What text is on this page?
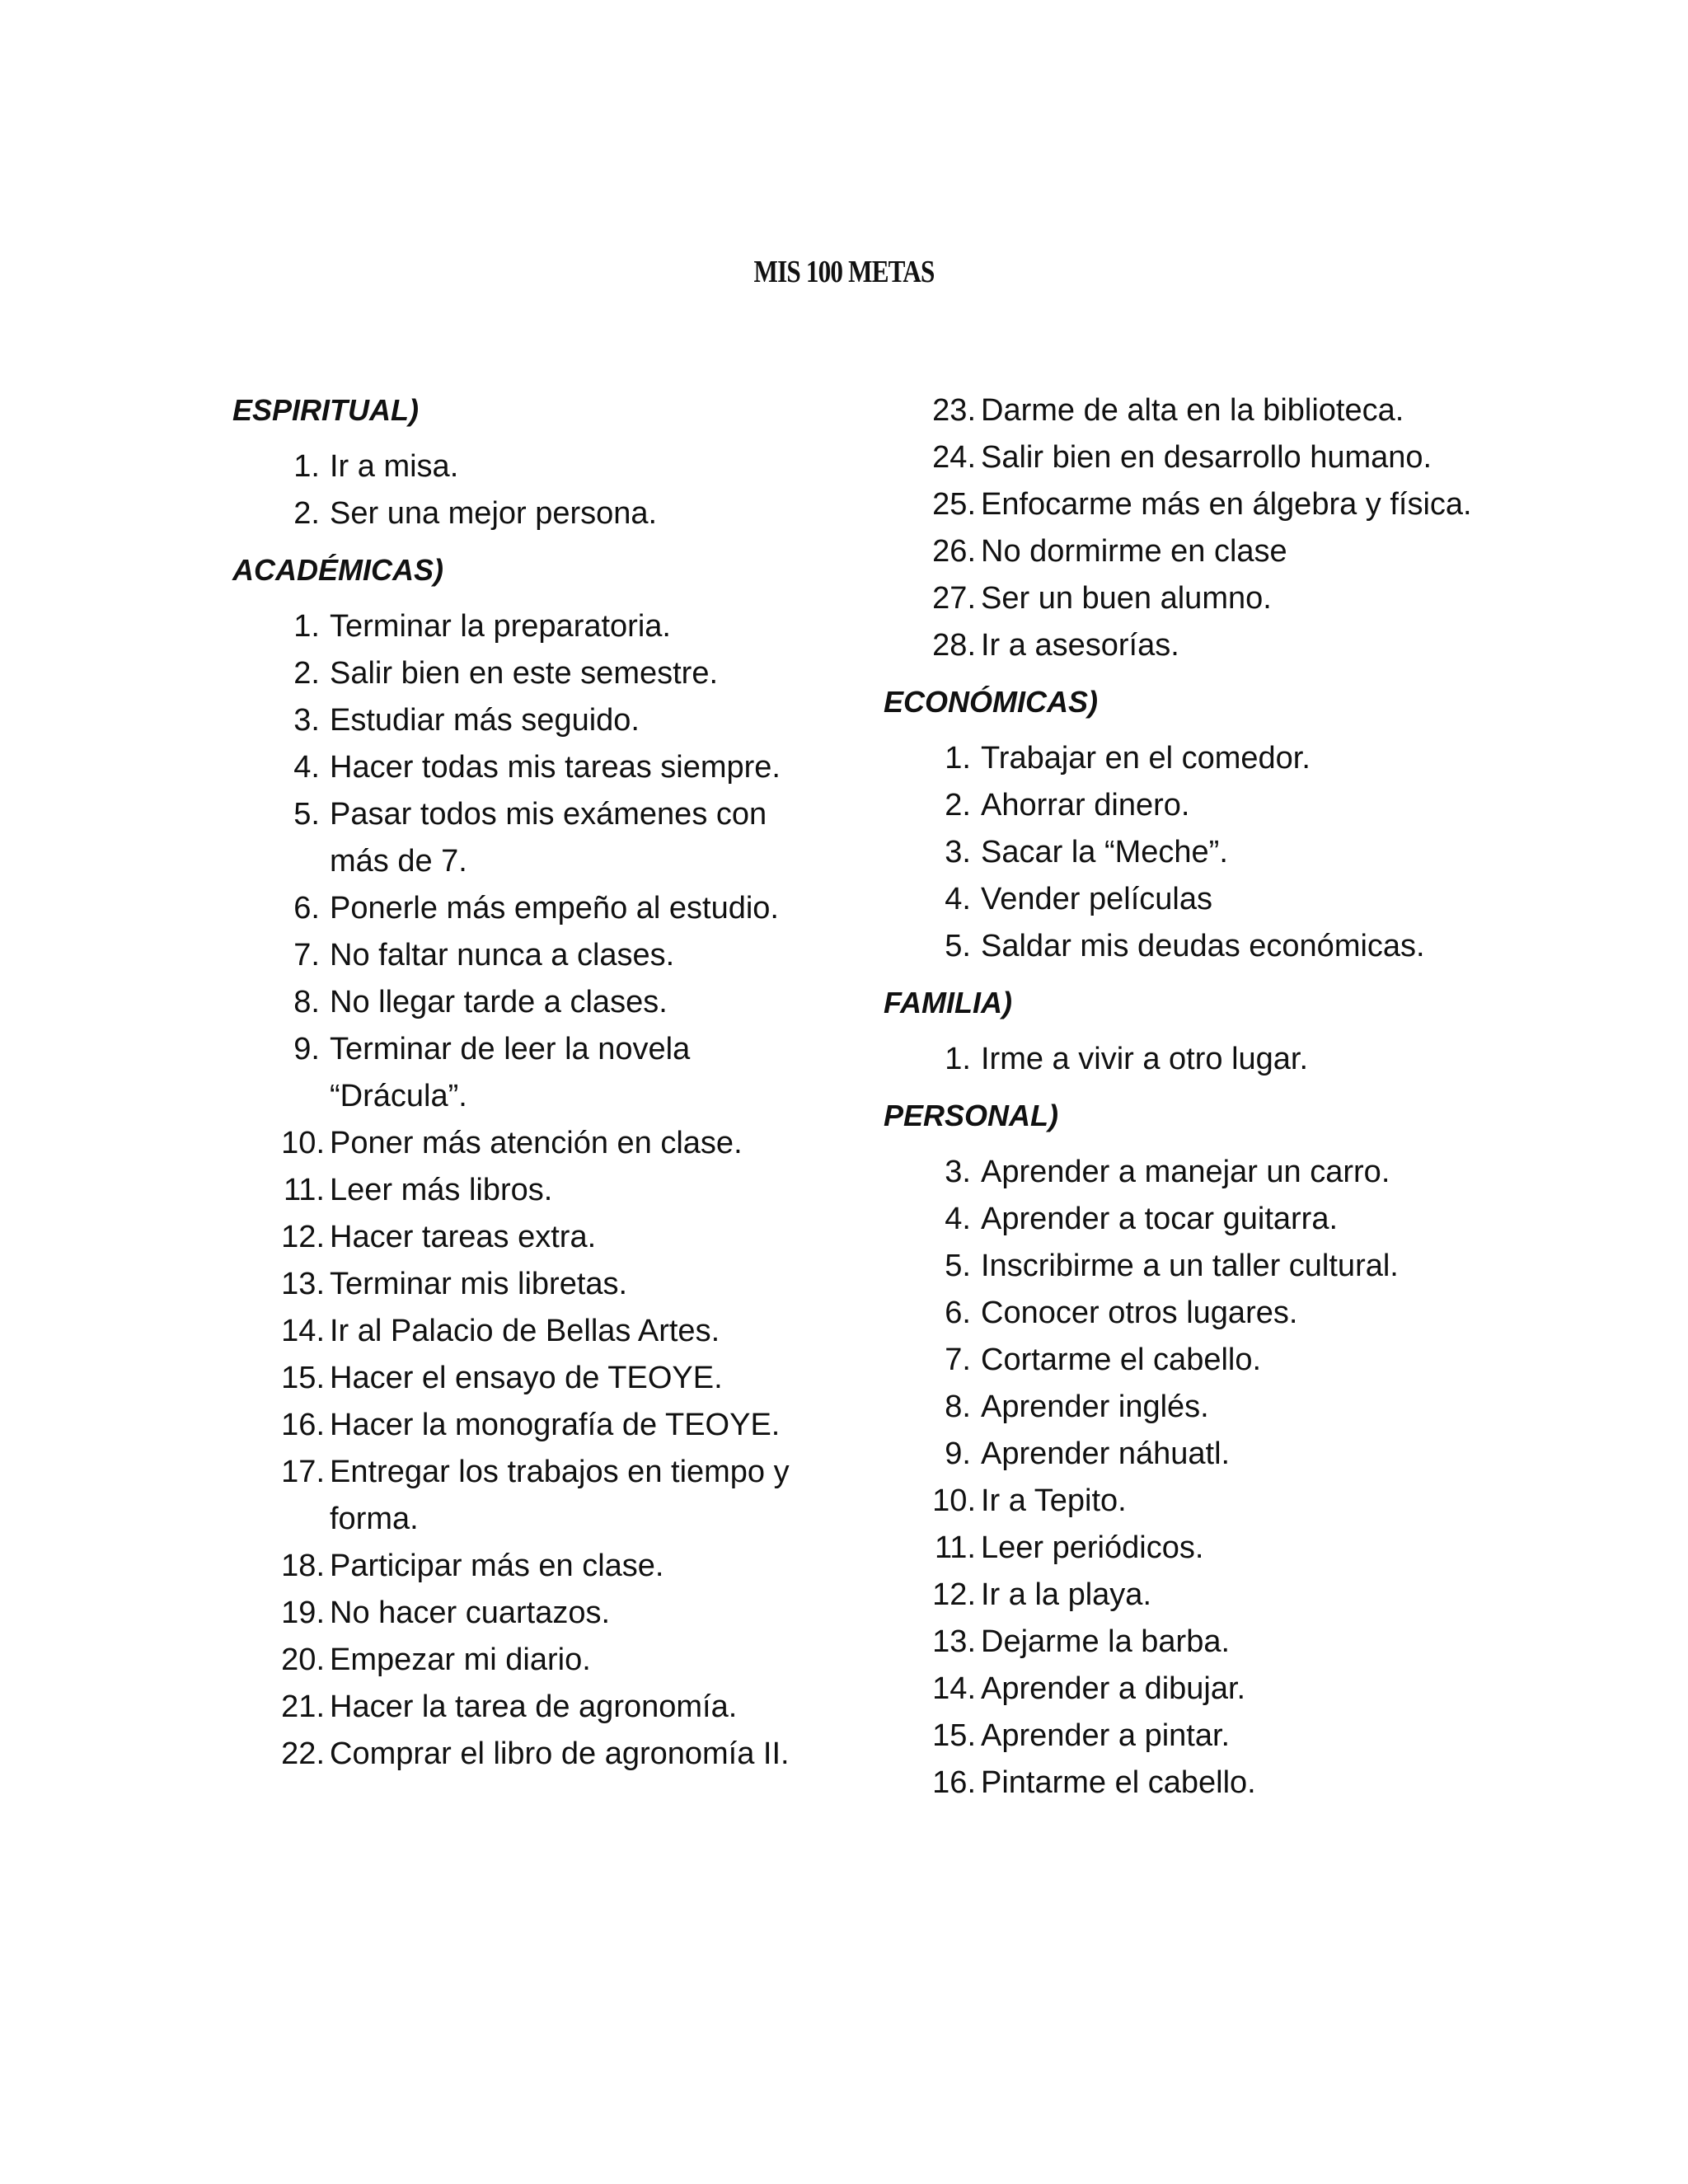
MIS 100 METAS

ESPIRITUAL)

1. Ir a misa.
2. Ser una mejor persona.

ACADÉMICAS)

1. Terminar la preparatoria.
2. Salir bien en este semestre.
3. Estudiar más seguido.
4. Hacer todas mis tareas siempre.
5. Pasar todos mis exámenes con más de 7.
6. Ponerle más empeño al estudio.
7. No faltar nunca a clases.
8. No llegar tarde a clases.
9. Terminar de leer la novela “Drácula”.
10. Poner más atención en clase.
11. Leer más libros.
12. Hacer tareas extra.
13. Terminar mis libretas.
14. Ir al Palacio de Bellas Artes.
15. Hacer el ensayo de TEOYE.
16. Hacer la monografía de TEOYE.
17. Entregar los trabajos en tiempo y forma.
18. Participar más en clase.
19. No hacer cuartazos.
20. Empezar mi diario.
21. Hacer la tarea de agronomía.
22. Comprar el libro de agronomía II.
23. Darme de alta en la biblioteca.
24. Salir bien en desarrollo humano.
25. Enfocarme más en álgebra y física.
26. No dormirme en clase
27. Ser un buen alumno.
28. Ir a asesorías.

ECONÓMICAS)

1. Trabajar en el comedor.
2. Ahorrar dinero.
3. Sacar la “Meche”.
4. Vender películas
5. Saldar mis deudas económicas.

FAMILIA)

1. Irme a vivir a otro lugar.

PERSONAL)

3. Aprender a manejar un carro.
4. Aprender a tocar guitarra.
5. Inscribirme a un taller cultural.
6. Conocer otros lugares.
7. Cortarme el cabello.
8. Aprender inglés.
9. Aprender náhuatl.
10. Ir a Tepito.
11. Leer periódicos.
12. Ir a la playa.
13. Dejarme la barba.
14. Aprender a dibujar.
15. Aprender a pintar.
16. Pintarme el cabello.
